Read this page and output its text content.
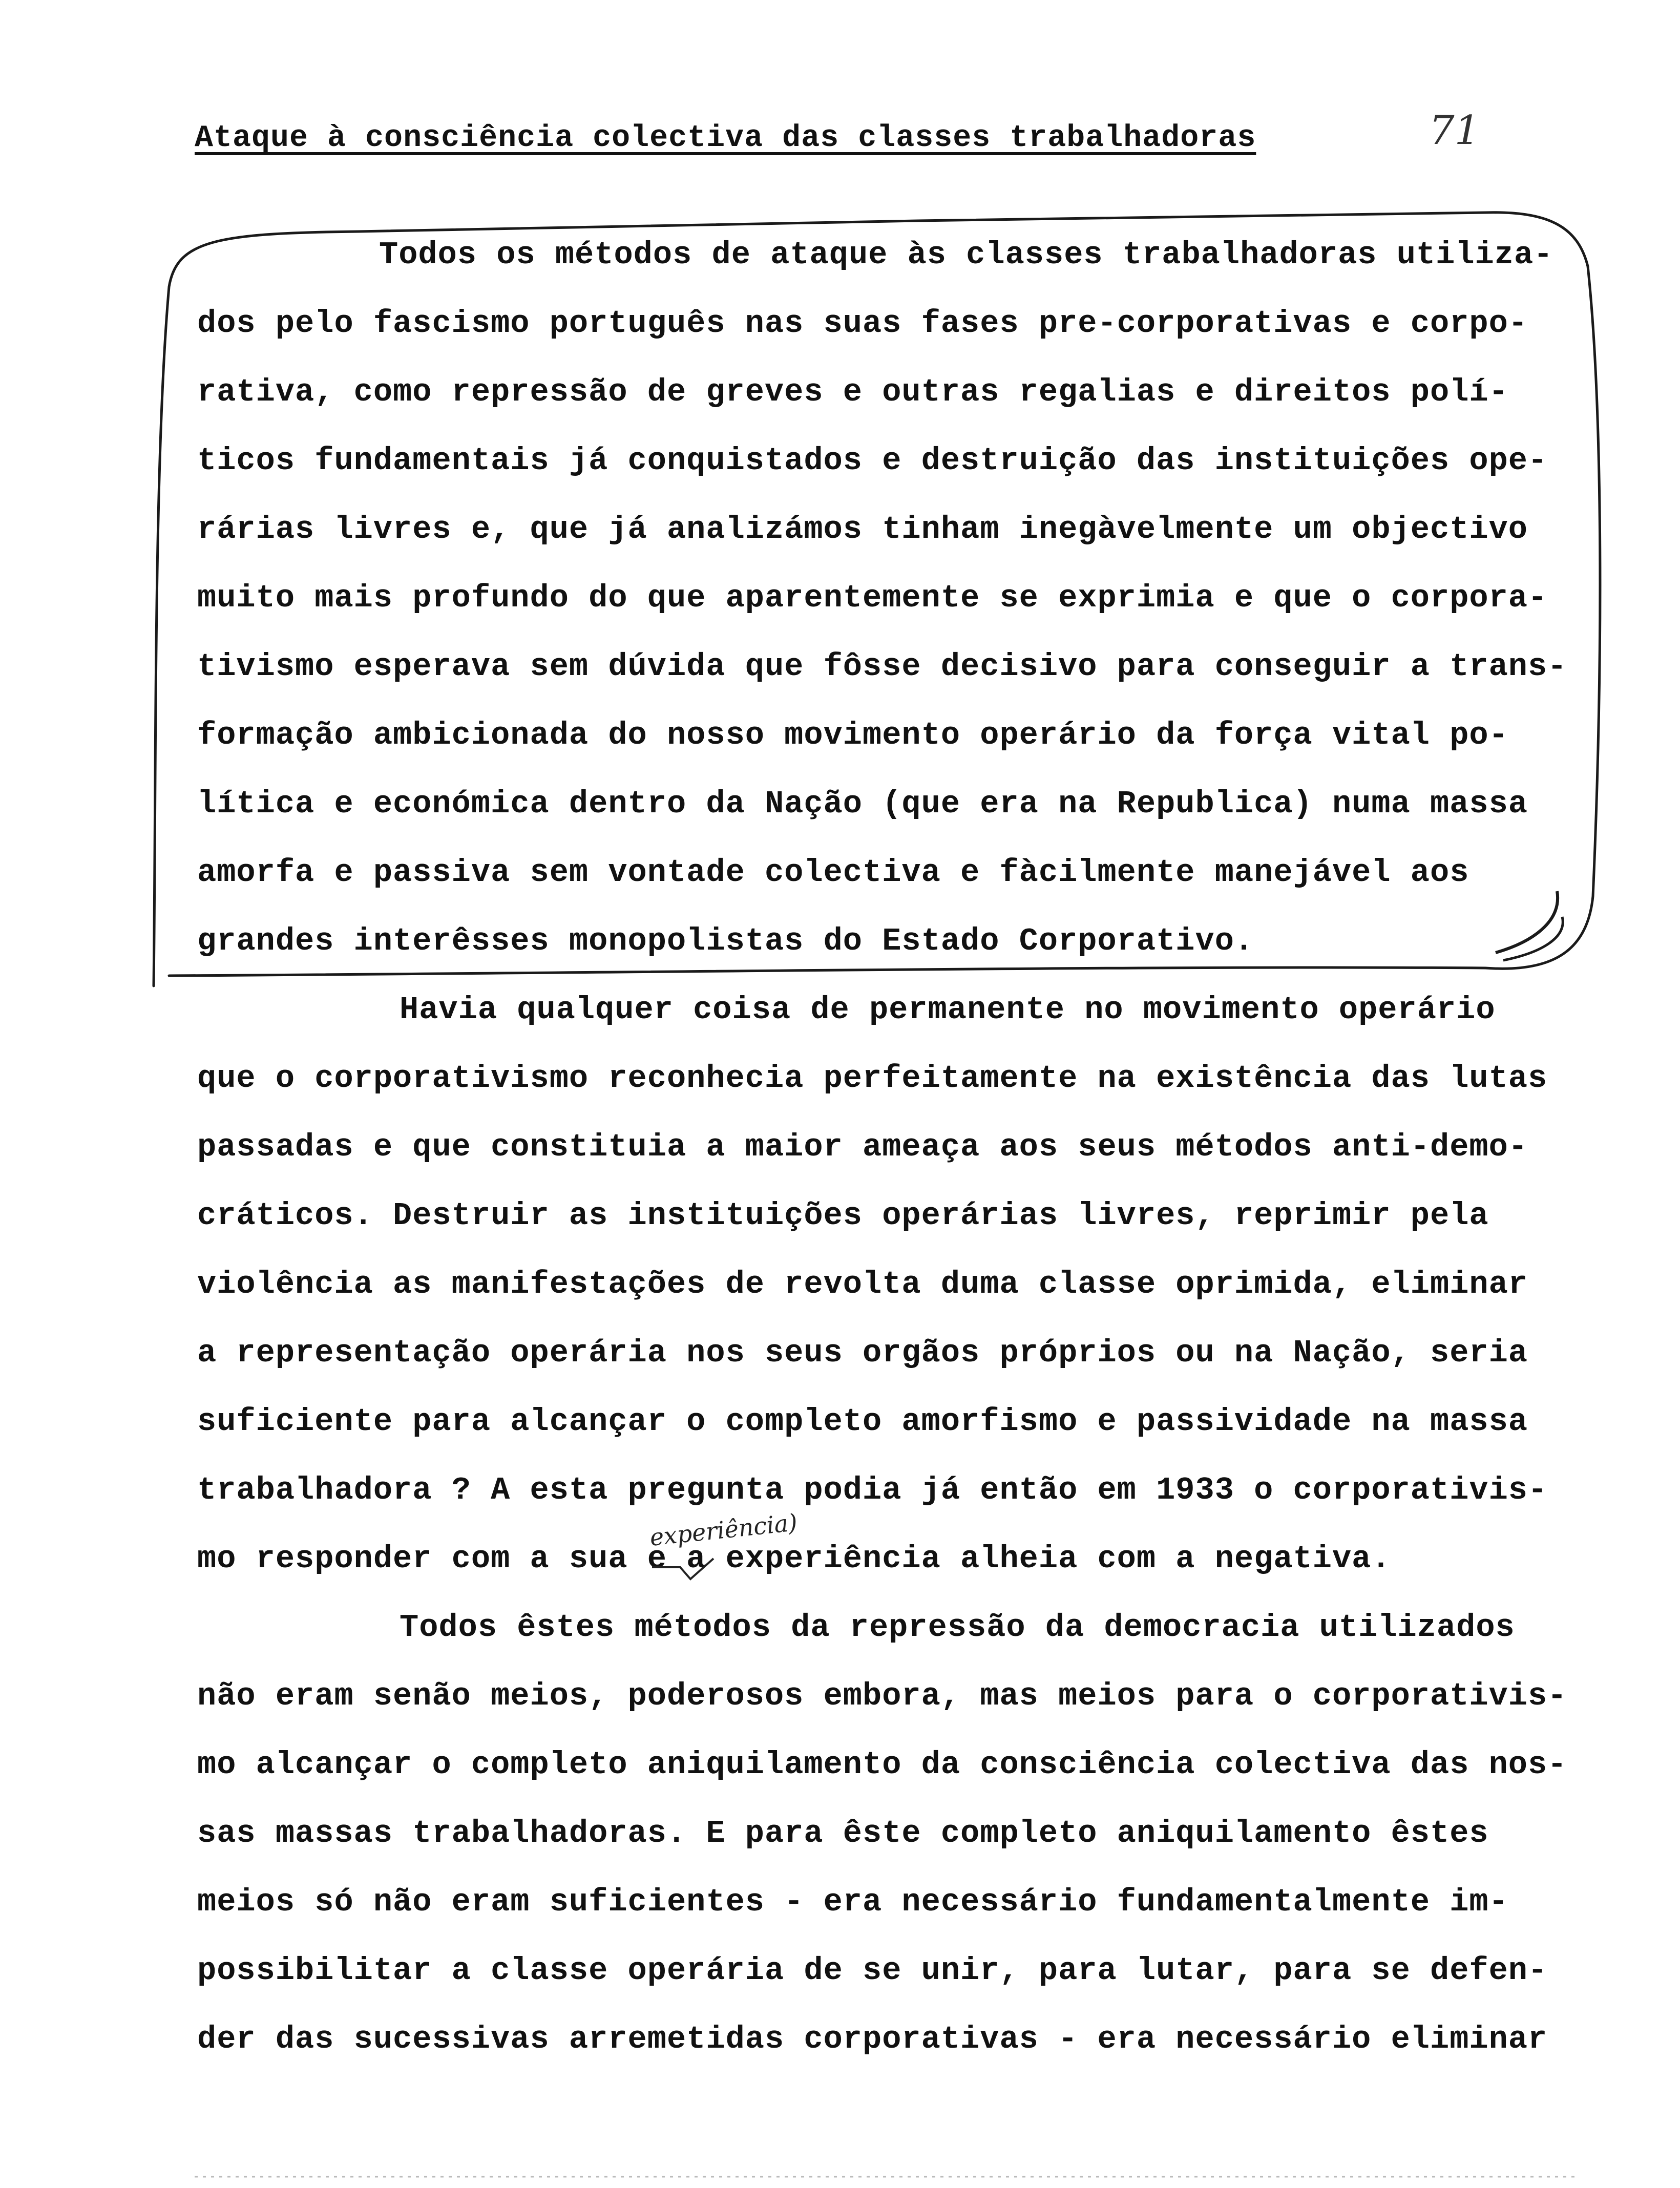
Ataque à consciência colectiva das classes trabalhadoras	71
Todos os métodos de ataque às classes trabalhadoras utiliza-
dos pelo fascismo português nas suas fases pre-corporativas e corpo-
rativa, como repressão de greves e outras regalias e direitos polí-
ticos fundamentais já conquistados e destruição das instituições ope-
rárias livres e, que já analizámos tinham inegàvelmente um objectivo
muito mais profundo do que aparentemente se exprimia e que o corpora-
tivismo esperava sem dúvida que fôsse decisivo para conseguir a trans-
formação ambicionada do nosso movimento operário da força vital po-
lítica e económica dentro da Nação (que era na Republica) numa massa
amorfa e passiva sem vontade colectiva e fàcilmente manejável aos
grandes interêsses monopolistas do Estado Corporativo.
Havia qualquer coisa de permanente no movimento operário
que o corporativismo reconhecia perfeitamente na existência das lutas
passadas e que constituia a maior ameaça aos seus métodos anti-demo-
cráticos. Destruir as instituições operárias livres, reprimir pela
violência as manifestações de revolta duma classe oprimida, eliminar
a representação operária nos seus orgãos próprios ou na Nação, seria
suficiente para alcançar o completo amorfismo e passividade na massa
trabalhadora ? A esta pregunta podia já então em 1933 o corporativis-
mo responder com a sua e a experiência alheia com a negativa.
experiência)
Todos êstes métodos da repressão da democracia utilizados
não eram senão meios, poderosos embora, mas meios para o corporativis-
mo alcançar o completo aniquilamento da consciência colectiva das nos-
sas massas trabalhadoras. E para êste completo aniquilamento êstes
meios só não eram suficientes - era necessário fundamentalmente im-
possibilitar a classe operária de se unir, para lutar, para se defen-
der das sucessivas arremetidas corporativas - era necessário eliminar
